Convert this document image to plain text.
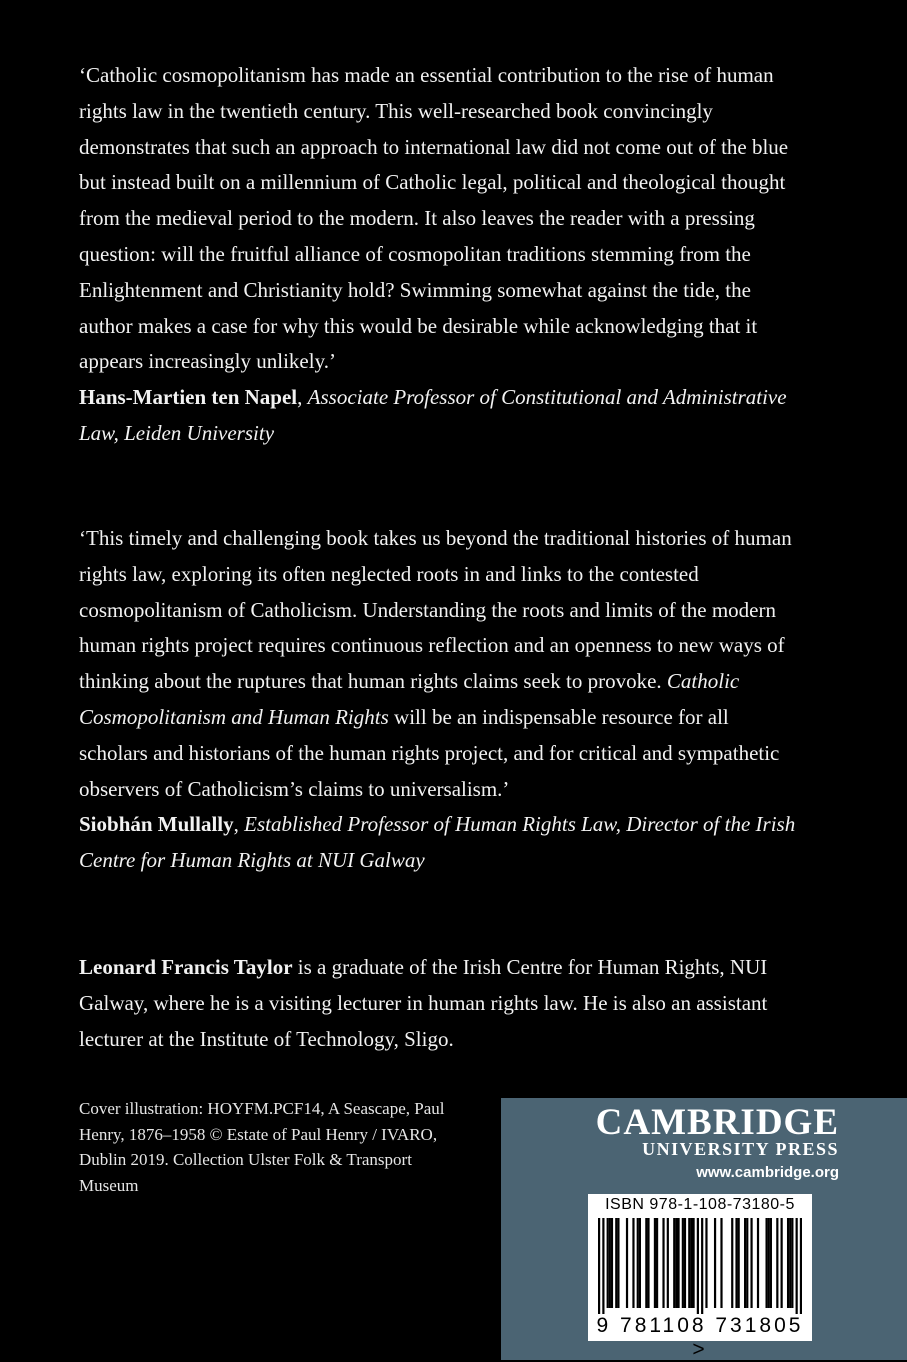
‘Catholic cosmopolitanism has made an essential contribution to the rise of human rights law in the twentieth century. This well-researched book convincingly demonstrates that such an approach to international law did not come out of the blue but instead built on a millennium of Catholic legal, political and theological thought from the medieval period to the modern. It also leaves the reader with a pressing question: will the fruitful alliance of cosmopolitan traditions stemming from the Enlightenment and Christianity hold? Swimming somewhat against the tide, the author makes a case for why this would be desirable while acknowledging that it appears increasingly unlikely.’

Hans-Martien ten Napel, Associate Professor of Constitutional and Administrative Law, Leiden University

‘This timely and challenging book takes us beyond the traditional histories of human rights law, exploring its often neglected roots in and links to the contested cosmopolitanism of Catholicism. Understanding the roots and limits of the modern human rights project requires continuous reflection and an openness to new ways of thinking about the ruptures that human rights claims seek to provoke. Catholic Cosmopolitanism and Human Rights will be an indispensable resource for all scholars and historians of the human rights project, and for critical and sympathetic observers of Catholicism’s claims to universalism.’

Siobhán Mullally, Established Professor of Human Rights Law, Director of the Irish Centre for Human Rights at NUI Galway

Leonard Francis Taylor is a graduate of the Irish Centre for Human Rights, NUI Galway, where he is a visiting lecturer in human rights law. He is also an assistant lecturer at the Institute of Technology, Sligo.

Cover illustration: HOYFM.PCF14, A Seascape, Paul Henry, 1876–1958 © Estate of Paul Henry / IVARO, Dublin 2019. Collection Ulster Folk & Transport Museum
CAMBRIDGE
UNIVERSITY PRESS
www.cambridge.org
ISBN 978-1-108-73180-5
9 781108 731805 >
